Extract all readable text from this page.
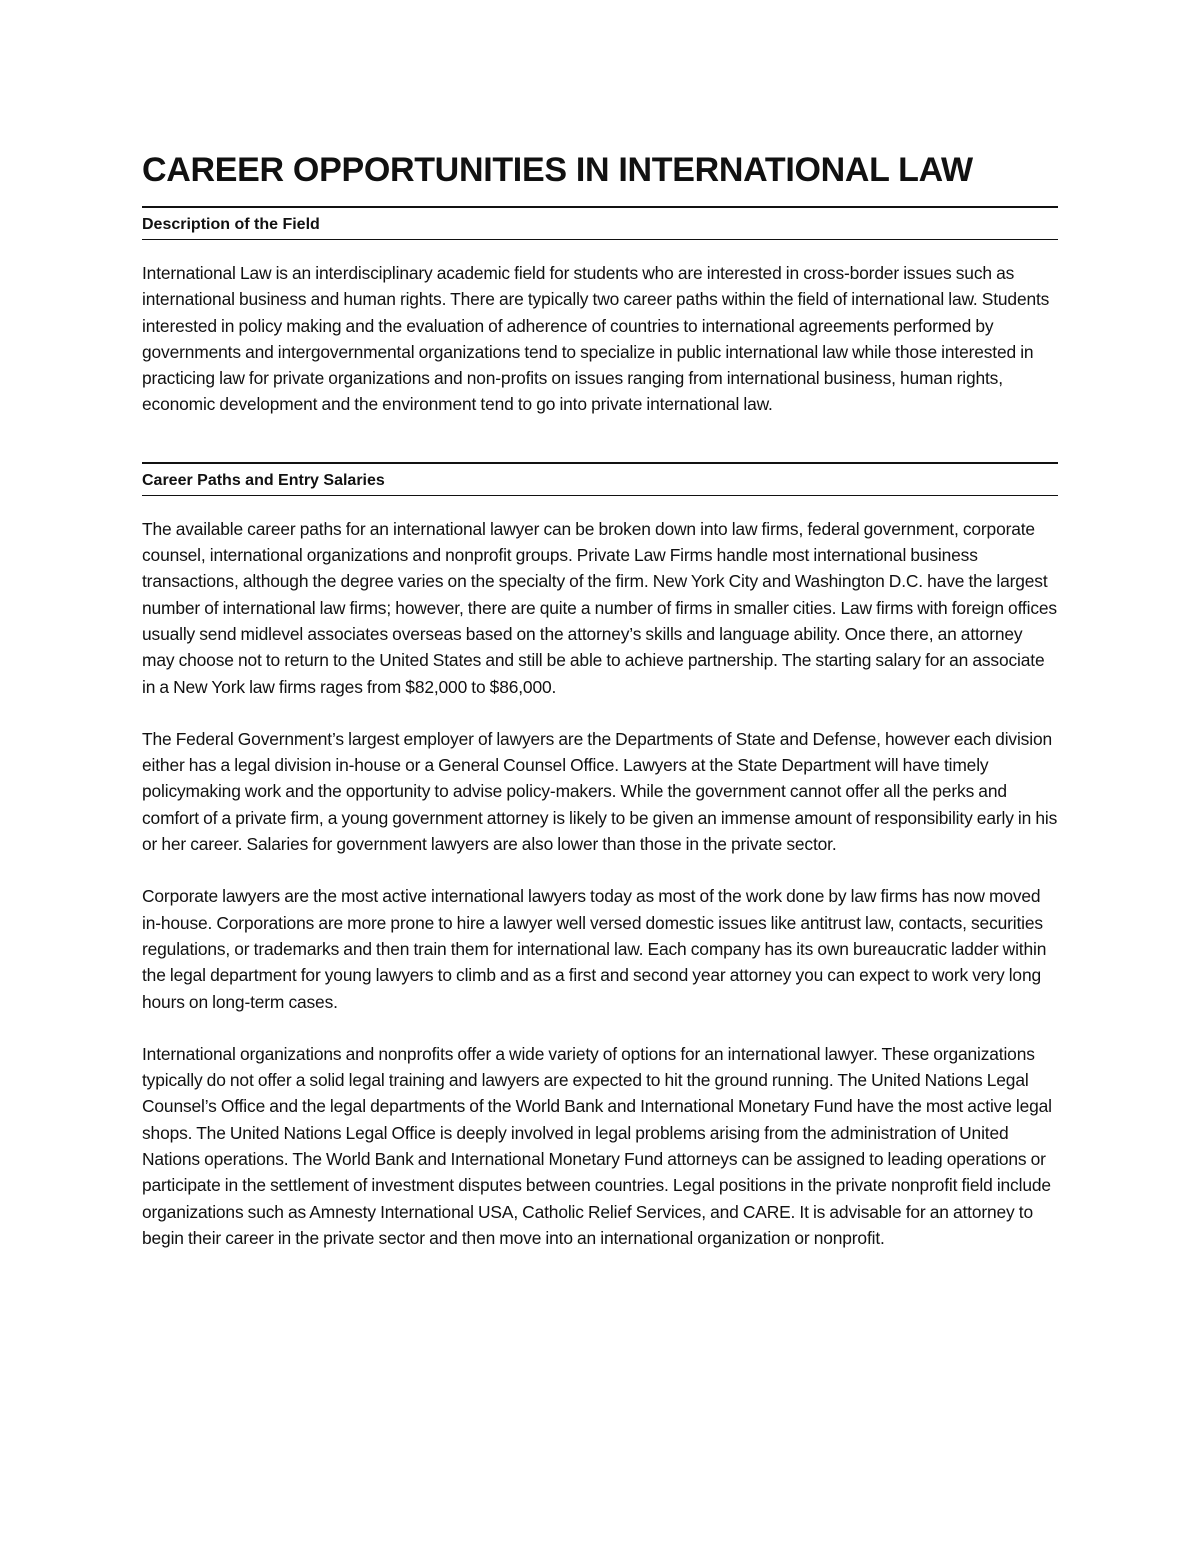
CAREER OPPORTUNITIES IN INTERNATIONAL LAW
Description of the Field

International Law is an interdisciplinary academic field for students who are interested in cross-border issues such as international business and human rights. There are typically two career paths within the field of international law. Students interested in policy making and the evaluation of adherence of countries to international agreements performed by governments and intergovernmental organizations tend to specialize in public international law while those interested in practicing law for private organizations and non-profits on issues ranging from international business, human rights, economic development and the environment tend to go into private international law.

Career Paths and Entry Salaries

The available career paths for an international lawyer can be broken down into law firms, federal government, corporate counsel, international organizations and nonprofit groups. Private Law Firms handle most international business transactions, although the degree varies on the specialty of the firm. New York City and Washington D.C. have the largest number of international law firms; however, there are quite a number of firms in smaller cities. Law firms with foreign offices usually send midlevel associates overseas based on the attorney’s skills and language ability. Once there, an attorney may choose not to return to the United States and still be able to achieve partnership. The starting salary for an associate in a New York law firms rages from $82,000 to $86,000.

The Federal Government’s largest employer of lawyers are the Departments of State and Defense, however each division either has a legal division in-house or a General Counsel Office. Lawyers at the State Department will have timely policymaking work and the opportunity to advise policy-makers. While the government cannot offer all the perks and comfort of a private firm, a young government attorney is likely to be given an immense amount of responsibility early in his or her career. Salaries for government lawyers are also lower than those in the private sector.

Corporate lawyers are the most active international lawyers today as most of the work done by law firms has now moved in-house. Corporations are more prone to hire a lawyer well versed domestic issues like antitrust law, contacts, securities regulations, or trademarks and then train them for international law. Each company has its own bureaucratic ladder within the legal department for young lawyers to climb and as a first and second year attorney you can expect to work very long hours on long-term cases.

International organizations and nonprofits offer a wide variety of options for an international lawyer. These organizations typically do not offer a solid legal training and lawyers are expected to hit the ground running. The United Nations Legal Counsel’s Office and the legal departments of the World Bank and International Monetary Fund have the most active legal shops. The United Nations Legal Office is deeply involved in legal problems arising from the administration of United Nations operations. The World Bank and International Monetary Fund attorneys can be assigned to leading operations or participate in the settlement of investment disputes between countries. Legal positions in the private nonprofit field include organizations such as Amnesty International USA, Catholic Relief Services, and CARE. It is advisable for an attorney to begin their career in the private sector and then move into an international organization or nonprofit.
